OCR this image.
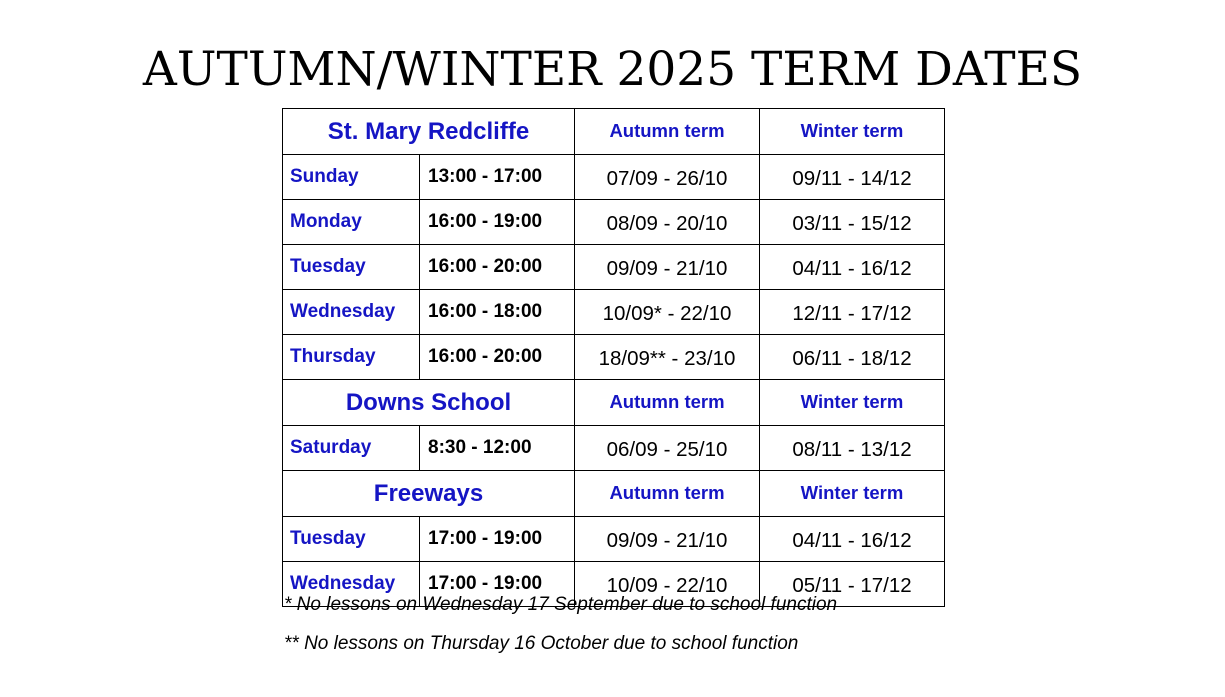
AUTUMN/WINTER 2025 TERM DATES
St. Mary Redcliffe		Autumn term	Winter term
Sunday	13:00 - 17:00	07/09 - 26/10	09/11 - 14/12
Monday	16:00 - 19:00	08/09 - 20/10	03/11 - 15/12
Tuesday	16:00 - 20:00	09/09 - 21/10	04/11 - 16/12
Wednesday	16:00 - 18:00	10/09* - 22/10	12/11 - 17/12
Thursday	16:00 - 20:00	18/09** - 23/10	06/11 - 18/12
Downs School		Autumn term	Winter term
Saturday	8:30 - 12:00	06/09 - 25/10	08/11 - 13/12
Freeways		Autumn term	Winter term
Tuesday	17:00 - 19:00	09/09 - 21/10	04/11 - 16/12
Wednesday	17:00 - 19:00	10/09 - 22/10	05/11 - 17/12
* No lessons on Wednesday 17 September due to school function
** No lessons on Thursday 16 October due to school function
